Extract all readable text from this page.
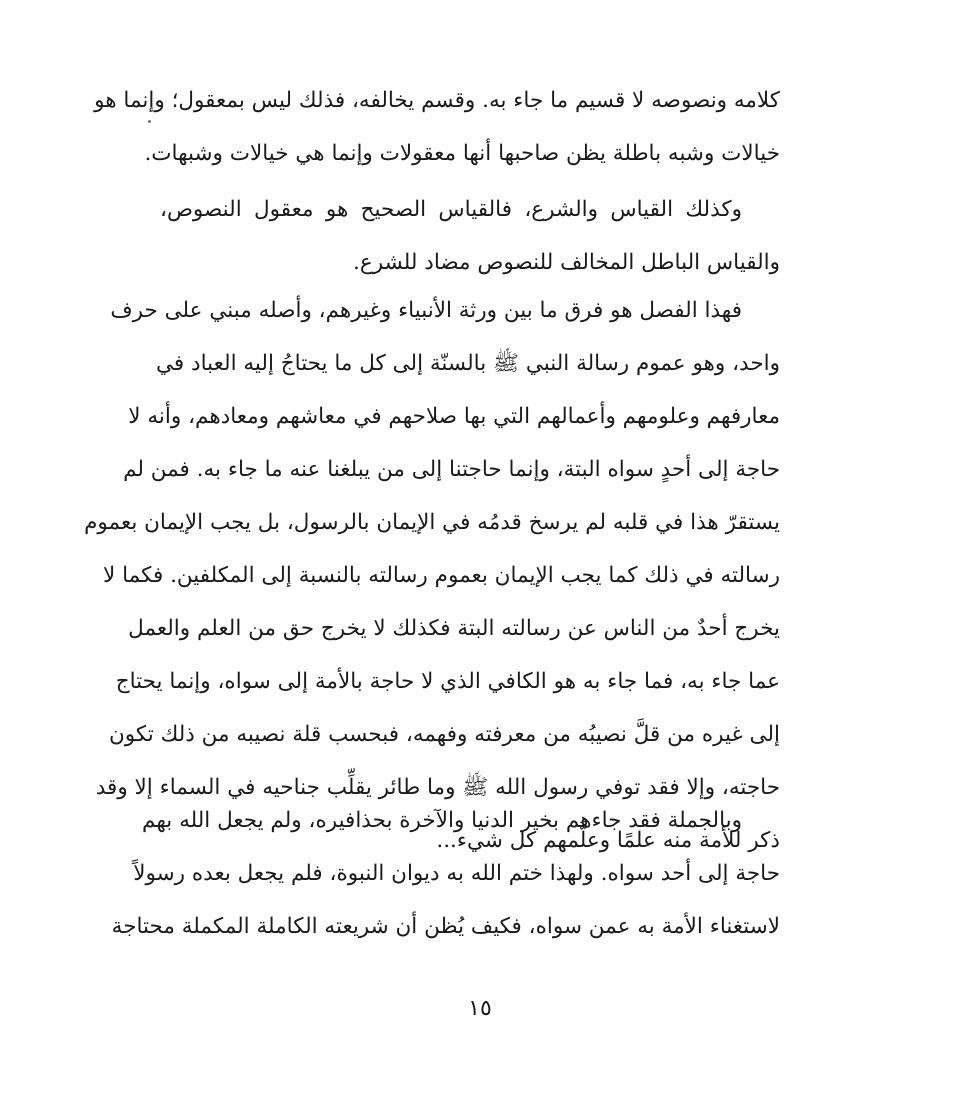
كلامه ونصوصه لا قسيم ما جاء به. وقسم يخالفه، فذلك ليس بمعقول؛ وإنما هو
خيالات وشبه باطلة يظن صاحبها أنها معقولات وإنما هي خيالات وشبهات.
وكذلك القياس والشرع، فالقياس الصحيح هو معقول النصوص،
والقياس الباطل المخالف للنصوص مضاد للشرع.
فهذا الفصل هو فرق ما بين ورثة الأنبياء وغيرهم، وأصله مبني على حرف
واحد، وهو عموم رسالة النبي ﷺ بالسنّة إلى كل ما يحتاجُ إليه العباد في
معارفهم وعلومهم وأعمالهم التي بها صلاحهم في معاشهم ومعادهم، وأنه لا
حاجة إلى أحدٍ سواه البتة، وإنما حاجتنا إلى من يبلغنا عنه ما جاء به. فمن لم
يستقرّ هذا في قلبه لم يرسخ قدمُه في الإيمان بالرسول، بل يجب الإيمان بعموم
رسالته في ذلك كما يجب الإيمان بعموم رسالته بالنسبة إلى المكلفين. فكما لا
يخرج أحدٌ من الناس عن رسالته البتة فكذلك لا يخرج حق من العلم والعمل
عما جاء به، فما جاء به هو الكافي الذي لا حاجة بالأمة إلى سواه، وإنما يحتاج
إلى غيره من قلَّ نصيبُه من معرفته وفهمه، فبحسب قلة نصيبه من ذلك تكون
حاجته، وإلا فقد توفي رسول الله ﷺ وما طائر يقلِّب جناحيه في السماء إلا وقد
ذكر للأمة منه علمًا وعلَّمهم كل شيء...
وبالجملة فقد جاءهم بخير الدنيا والآخرة بحذافيره، ولم يجعل الله بهم
حاجة إلى أحد سواه. ولهذا ختم الله به ديوان النبوة، فلم يجعل بعده رسولاً
لاستغناء الأمة به عمن سواه، فكيف يُظن أن شريعته الكاملة المكملة محتاجة
١٥
